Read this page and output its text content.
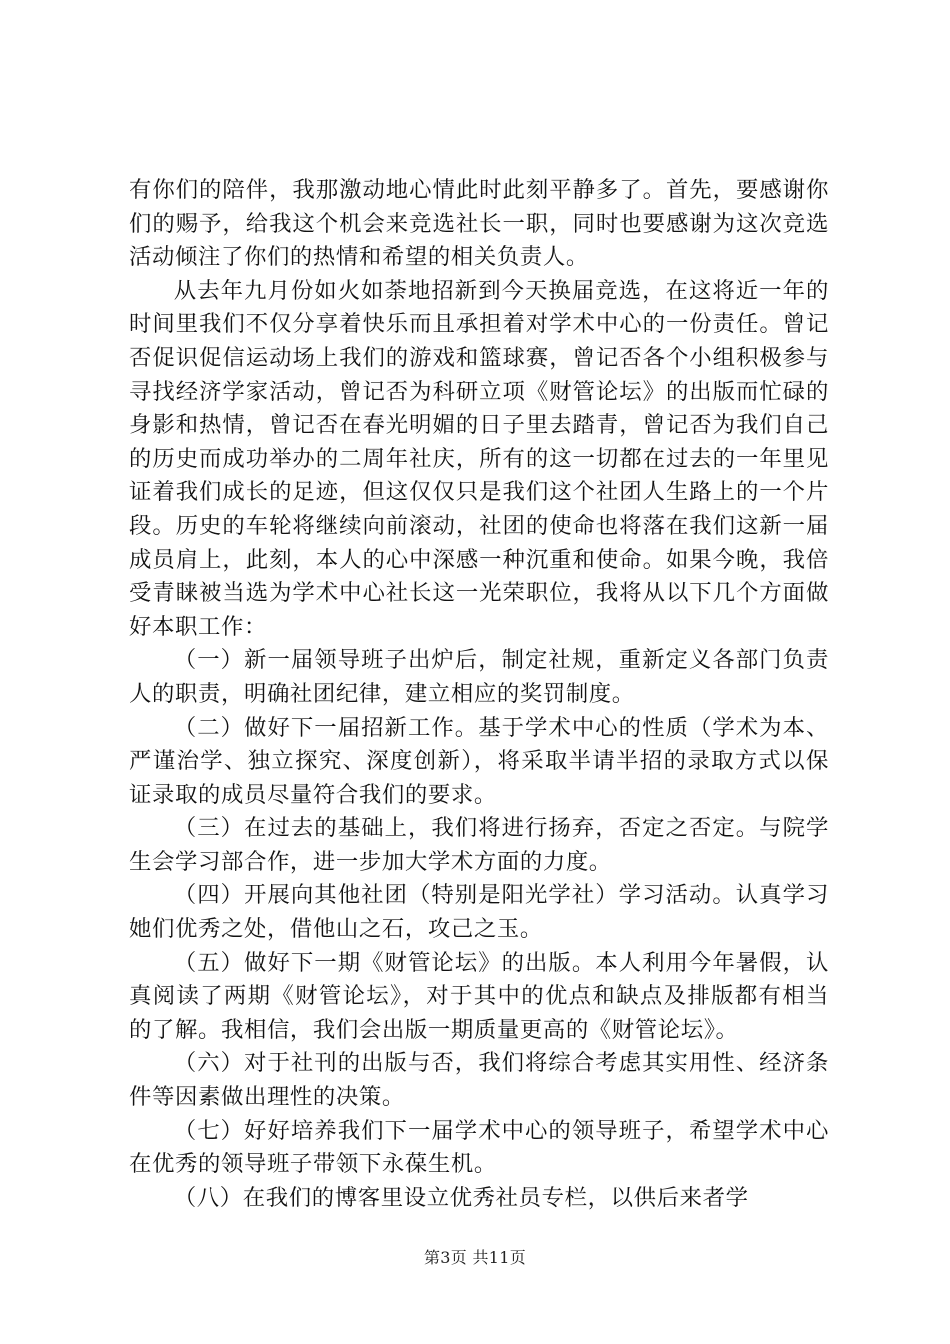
有你们的陪伴，我那激动地心情此时此刻平静多了。首先，要感谢你们的赐予，给我这个机会来竞选社长一职，同时也要感谢为这次竞选活动倾注了你们的热情和希望的相关负责人。

从去年九月份如火如荼地招新到今天换届竞选，在这将近一年的时间里我们不仅分享着快乐而且承担着对学术中心的一份责任。曾记否促识促信运动场上我们的游戏和篮球赛，曾记否各个小组积极参与寻找经济学家活动，曾记否为科研立项《财管论坛》的出版而忙碌的身影和热情，曾记否在春光明媚的日子里去踏青，曾记否为我们自己的历史而成功举办的二周年社庆，所有的这一切都在过去的一年里见证着我们成长的足迹，但这仅仅只是我们这个社团人生路上的一个片段。历史的车轮将继续向前滚动，社团的使命也将落在我们这新一届成员肩上，此刻，本人的心中深感一种沉重和使命。如果今晚，我倍受青睐被当选为学术中心社长这一光荣职位，我将从以下几个方面做好本职工作：

（一）新一届领导班子出炉后，制定社规，重新定义各部门负责人的职责，明确社团纪律，建立相应的奖罚制度。

（二）做好下一届招新工作。基于学术中心的性质（学术为本、严谨治学、独立探究、深度创新），将采取半请半招的录取方式以保证录取的成员尽量符合我们的要求。

（三）在过去的基础上，我们将进行扬弃，否定之否定。与院学生会学习部合作，进一步加大学术方面的力度。

（四）开展向其他社团（特别是阳光学社）学习活动。认真学习她们优秀之处，借他山之石，攻己之玉。

（五）做好下一期《财管论坛》的出版。本人利用今年暑假，认真阅读了两期《财管论坛》，对于其中的优点和缺点及排版都有相当的了解。我相信，我们会出版一期质量更高的《财管论坛》。

（六）对于社刊的出版与否，我们将综合考虑其实用性、经济条件等因素做出理性的决策。

（七）好好培养我们下一届学术中心的领导班子，希望学术中心在优秀的领导班子带领下永葆生机。

（八）在我们的博客里设立优秀社员专栏，以供后来者学

第3页 共11页
